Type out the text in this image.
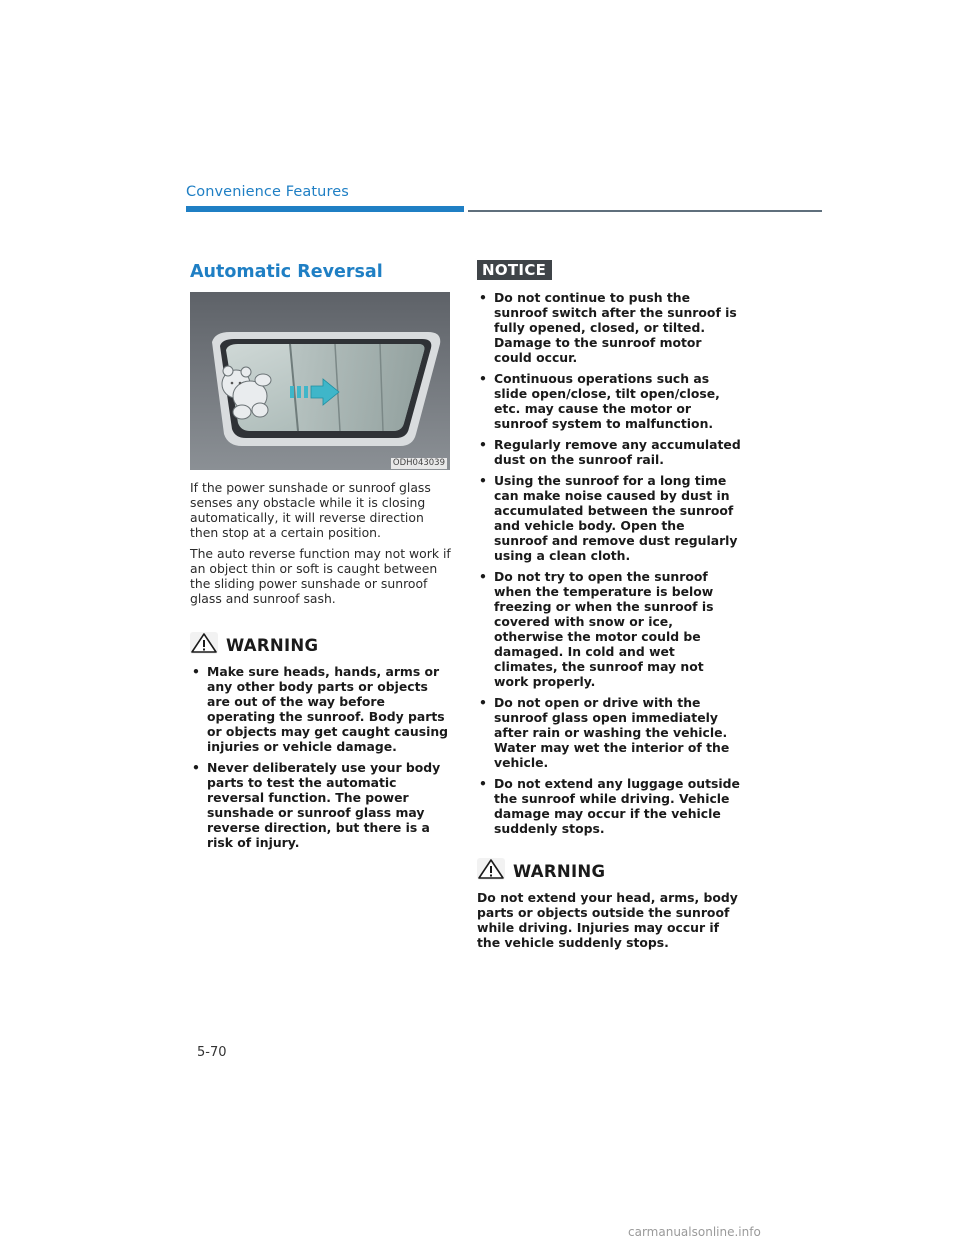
Convenience Features
Automatic Reversal
ODH043039

If the power sunshade or sunroof glass senses any obstacle while it is closing automatically, it will reverse direction then stop at a certain position.

The auto reverse function may not work if an object thin or soft is caught between the sliding power sunshade or sunroof glass and sunroof sash.

WARNING
• Make sure heads, hands, arms or any other body parts or objects are out of the way before operating the sunroof. Body parts or objects may get caught causing injuries or vehicle damage.
• Never deliberately use your body parts to test the automatic reversal function. The power sunshade or sunroof glass may reverse direction, but there is a risk of injury.
NOTICE
• Do not continue to push the sunroof switch after the sunroof is fully opened, closed, or tilted. Damage to the sunroof motor could occur.
• Continuous operations such as slide open/close, tilt open/close, etc. may cause the motor or sunroof system to malfunction.
• Regularly remove any accumulated dust on the sunroof rail.
• Using the sunroof for a long time can make noise caused by dust in accumulated between the sunroof and vehicle body. Open the sunroof and remove dust regularly using a clean cloth.
• Do not try to open the sunroof when the temperature is below freezing or when the sunroof is covered with snow or ice, otherwise the motor could be damaged. In cold and wet climates, the sunroof may not work properly.
• Do not open or drive with the sunroof glass open immediately after rain or washing the vehicle. Water may wet the interior of the vehicle.
• Do not extend any luggage outside the sunroof while driving. Vehicle damage may occur if the vehicle suddenly stops.
WARNING

Do not extend your head, arms, body parts or objects outside the sunroof while driving. Injuries may occur if the vehicle suddenly stops.

5-70
carmanualsonline.info
